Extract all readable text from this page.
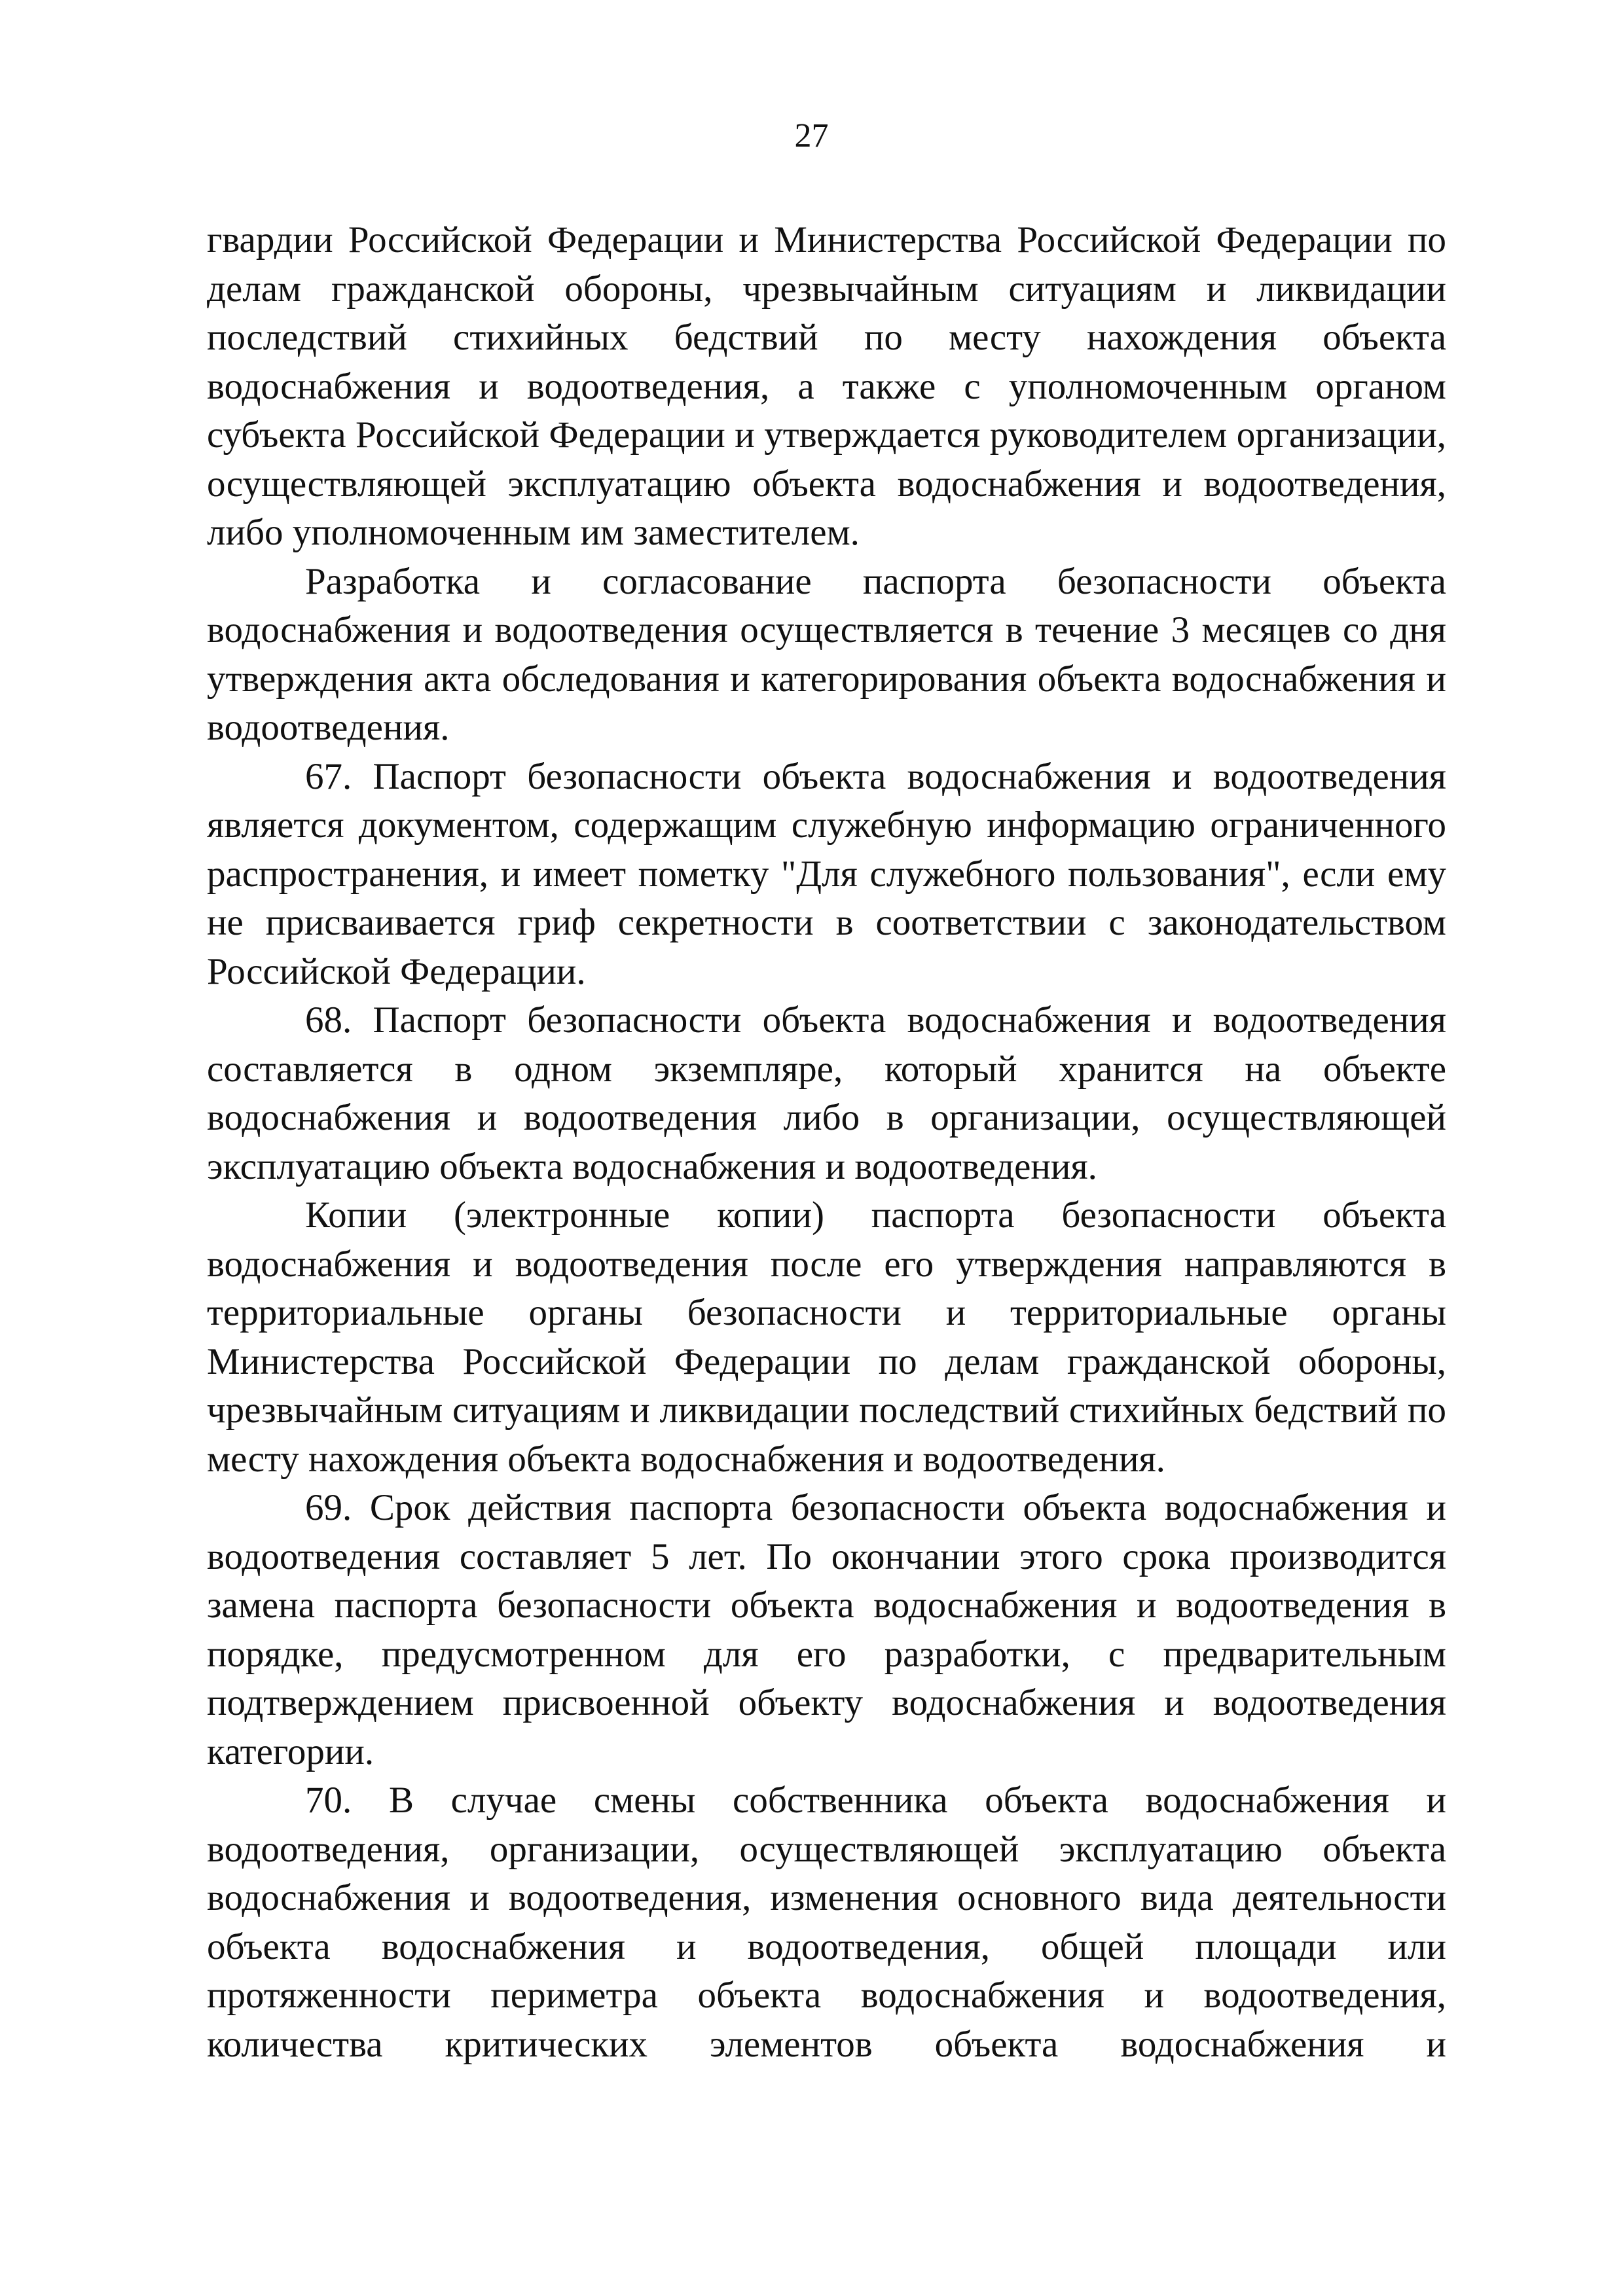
27

гвардии Российской Федерации и Министерства Российской Федерации по делам гражданской обороны, чрезвычайным ситуациям и ликвидации последствий стихийных бедствий по месту нахождения объекта водоснабжения и водоотведения, а также с уполномоченным органом субъекта Российской Федерации и утверждается руководителем организации, осуществляющей эксплуатацию объекта водоснабжения и водоотведения, либо уполномоченным им заместителем.

Разработка и согласование паспорта безопасности объекта водоснабжения и водоотведения осуществляется в течение 3 месяцев со дня утверждения акта обследования и категорирования объекта водоснабжения и водоотведения.

67. Паспорт безопасности объекта водоснабжения и водоотведения является документом, содержащим служебную информацию ограниченного распространения, и имеет пометку "Для служебного пользования", если ему не присваивается гриф секретности в соответствии с законодательством Российской Федерации.

68. Паспорт безопасности объекта водоснабжения и водоотведения составляется в одном экземпляре, который хранится на объекте водоснабжения и водоотведения либо в организации, осуществляющей эксплуатацию объекта водоснабжения и водоотведения.

Копии (электронные копии) паспорта безопасности объекта водоснабжения и водоотведения после его утверждения направляются в территориальные органы безопасности и территориальные органы Министерства Российской Федерации по делам гражданской обороны, чрезвычайным ситуациям и ликвидации последствий стихийных бедствий по месту нахождения объекта водоснабжения и водоотведения.

69. Срок действия паспорта безопасности объекта водоснабжения и водоотведения составляет 5 лет. По окончании этого срока производится замена паспорта безопасности объекта водоснабжения и водоотведения в порядке, предусмотренном для его разработки, с предварительным подтверждением присвоенной объекту водоснабжения и водоотведения категории.

70. В случае смены собственника объекта водоснабжения и водоотведения, организации, осуществляющей эксплуатацию объекта водоснабжения и водоотведения, изменения основного вида деятельности объекта водоснабжения и водоотведения, общей площади или протяженности периметра объекта водоснабжения и водоотведения, количества критических элементов объекта водоснабжения и
